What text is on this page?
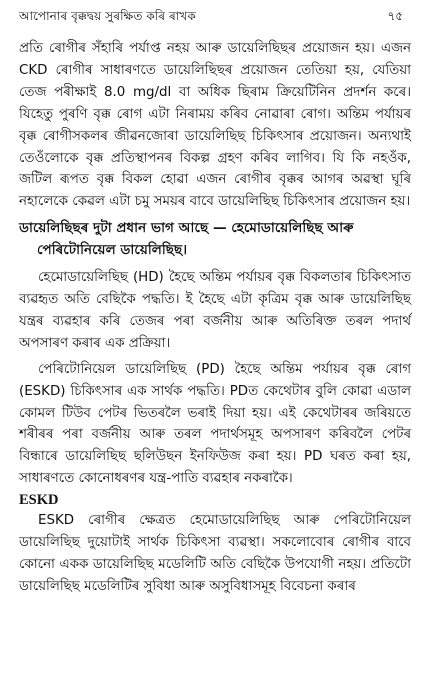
আপোনাৰ বৃক্কদ্বয় সুৰক্ষিত কৰি ৰাখক	৭৫

প্ৰতি ৰোগীৰ সঁহাৰি পৰ্যাপ্ত নহয় আৰু ডায়েলিছিছৰ প্ৰয়োজন হয়। এজন CKD ৰোগীৰ সাধাৰণতে ডায়েলিছিছৰ প্ৰয়োজন তেতিয়া হয়, যেতিয়া তেজ পৰীক্ষাই 8.0 mg/dl বা অধিক ছিৰাম ক্ৰিয়েটিনিন প্ৰদৰ্শন কৰে। যিহেতু পুৰণি বৃক্ক ৰোগ এটা নিৰাময় কৰিব নোৱাৰা ৰোগ। অন্তিম পৰ্যায়ৰ বৃক্ক ৰোগীসকলৰ জীৱনজোৰা ডায়েলিছিছ চিকিৎসাৰ প্ৰয়োজন। অন্যথাই তেওঁলোকে বৃক্ক প্ৰতিস্থাপনৰ বিকল্প গ্ৰহণ কৰিব লাগিব। যি কি নহওঁক, জটিল ৰূপত বৃক্ক বিকল হোৱা এজন ৰোগীৰ বৃক্কৰ আগৰ অৱস্থা ঘূৰি নহালেকে কেৱল এটা চমু সময়ৰ বাবে ডায়েলিছিছ চিকিৎসাৰ প্ৰয়োজন হয়।

ডায়েলিছিছৰ দুটা প্ৰধান ভাগ আছে — হেমোডায়েলিছিছ আৰু পেৰিটোনিয়েল ডায়েলিছিছ।

হেমোডায়েলিছিছ (HD) হৈছে অন্তিম পৰ্যায়ৰ বৃক্ক বিকলতাৰ চিকিৎসাত ব্যৱহৃত অতি বেছিকৈ পদ্ধতি। ই হৈছে এটা কৃত্ৰিম বৃক্ক আৰু ডায়েলিছিছ যন্ত্ৰৰ ব্যৱহাৰ কৰি তেজৰ পৰা বৰ্জনীয় আৰু অতিৰিক্ত তৰল পদাৰ্থ অপসাৰণ কৰাৰ এক প্ৰক্ৰিয়া।

পেৰিটোনিয়েল ডায়েলিছিছ (PD) হৈছে অন্তিম পৰ্যায়ৰ বৃক্ক ৰোগ (ESKD) চিকিৎসাৰ এক সাৰ্থক পদ্ধতি। PDত কেথেটাৰ বুলি কোৱা এডাল কোমল টিউব পেটৰ ভিতৰলৈ ভৰাই দিয়া হয়। এই কেথেটাৰৰ জৰিয়তে শৰীৰৰ পৰা বৰ্জনীয় আৰু তৰল পদাৰ্থসমূহ অপসাৰণ কৰিবলৈ পেটৰ বিন্ধাৰে ডায়েলিছিছ ছলিউছন ইনফিউজ কৰা হয়। PD ঘৰত কৰা হয়, সাধাৰণতে কোনোধৰণৰ যন্ত্ৰ-পাতি ব্যৱহাৰ নকৰাকৈ।

ESKD

ESKD ৰোগীৰ ক্ষেত্ৰত হেমোডায়েলিছিছ আৰু পেৰিটোনিয়েল ডায়েলিছিছ দুয়োটাই সাৰ্থক চিকিৎসা ব্যৱস্থা। সকলোবোৰ ৰোগীৰ বাবে কোনো একক ডায়েলিছিছ মডেলিটি অতি বেছিকৈ উপযোগী নহয়। প্ৰতিটো ডায়েলিছিছ মডেলিটিৰ সুবিধা আৰু অসুবিধাসমূহ বিবেচনা কৰাৰ
